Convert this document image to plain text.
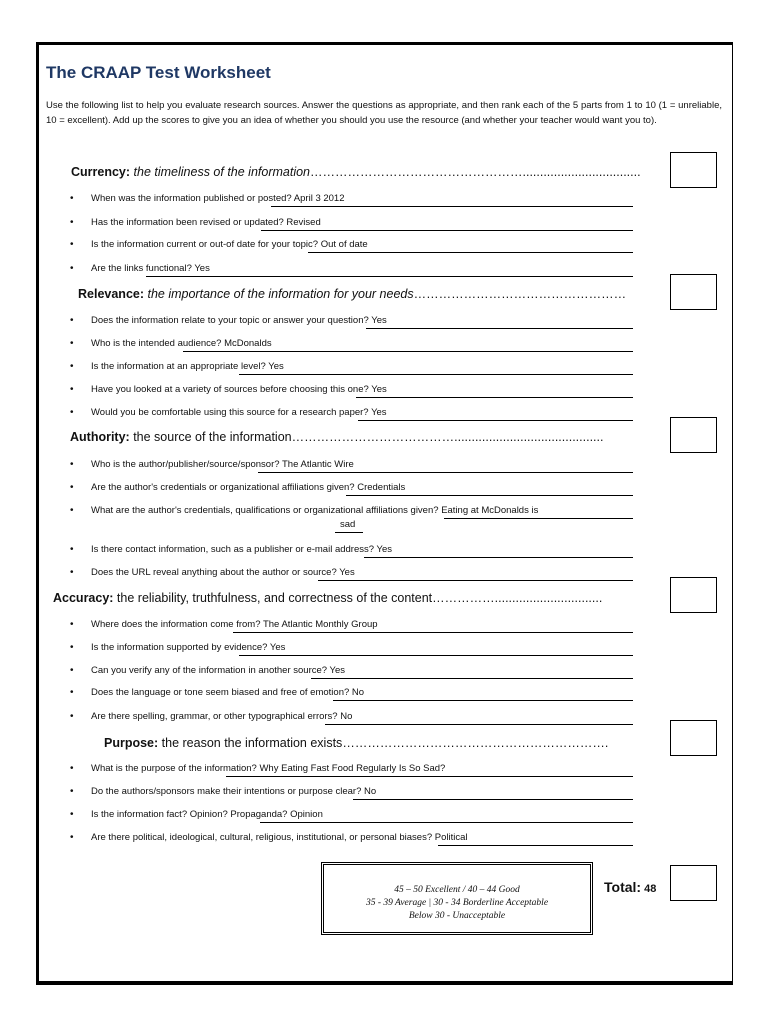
The CRAAP Test Worksheet
Use the following list to help you evaluate research sources. Answer the questions as appropriate, and then rank each of the 5 parts from 1 to 10 (1 = unreliable, 10 = excellent). Add up the scores to give you an idea of whether you should you use the resource (and whether your teacher would want you to).
Currency: the timeliness of the information……………………………………………..................................
Relevance: the importance of the information for your needs……………………………………………
Authority: the source of the information…………………………………...........................................
Accuracy: the reliability, truthfulness, and correctness of the content……………...............................
Purpose: the reason the information exists……………………………………………………….
•	When was the information published or posted? April 3 2012
•	Has the information been revised or updated? Revised
•	Is the information current or out-of date for your topic? Out of date
•	Are the links functional? Yes
•	Does the information relate to your topic or answer your question? Yes
•	Who is the intended audience? McDonalds
•	Is the information at an appropriate level? Yes
•	Have you looked at a variety of sources before choosing this one? Yes
•	Would you be comfortable using this source for a research paper? Yes
•	Who is the author/publisher/source/sponsor? The Atlantic Wire
•	Are the author's credentials or organizational affiliations given? Credentials
•	What are the author's credentials, qualifications or organizational affiliations given? Eating at McDonalds is
sad
•	Is there contact information, such as a publisher or e-mail address? Yes
•	Does the URL reveal anything about the author or source? Yes
•	Where does the information come from? The Atlantic Monthly Group
•	Is the information supported by evidence? Yes
•	Can you verify any of the information in another source? Yes
•	Does the language or tone seem biased and free of emotion? No
•	Are there spelling, grammar, or other typographical errors? No
•	What is the purpose of the information? Why Eating Fast Food Regularly Is So Sad?
•	Do the authors/sponsors make their intentions or purpose clear? No
•	Is the information fact? Opinion? Propaganda? Opinion
•	Are there political, ideological, cultural, religious, institutional, or personal biases? Political
45 – 50 Excellent / 40 – 44 Good
35 - 39 Average | 30 - 34 Borderline Acceptable
Below 30 - Unacceptable
Total: 48
